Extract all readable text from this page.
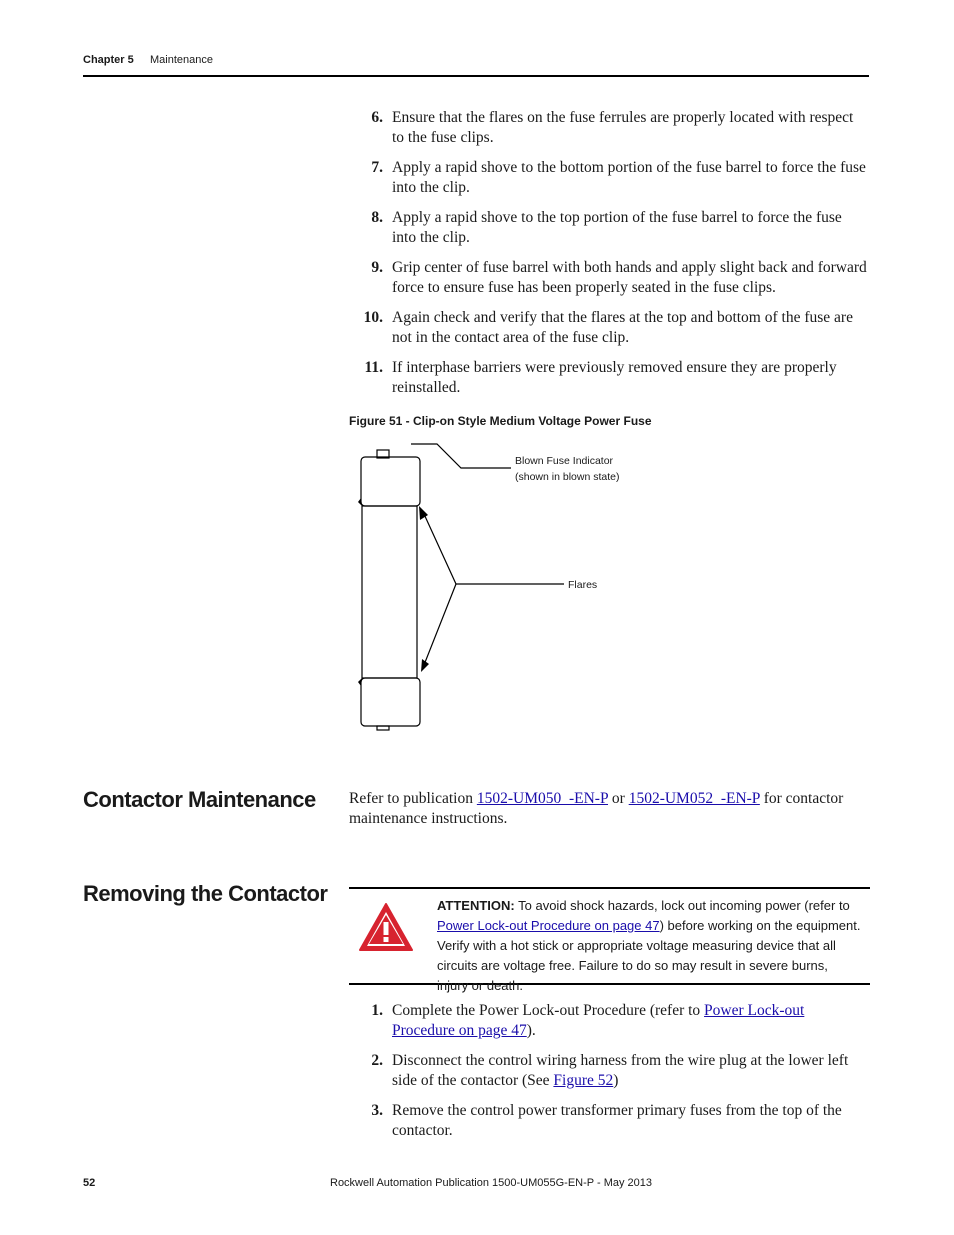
Chapter 5 Maintenance
6. Ensure that the flares on the fuse ferrules are properly located with respect to the fuse clips.
7. Apply a rapid shove to the bottom portion of the fuse barrel to force the fuse into the clip.
8. Apply a rapid shove to the top portion of the fuse barrel to force the fuse into the clip.
9. Grip center of fuse barrel with both hands and apply slight back and forward force to ensure fuse has been properly seated in the fuse clips.
10. Again check and verify that the flares at the top and bottom of the fuse are not in the contact area of the fuse clip.
11. If interphase barriers were previously removed ensure they are properly reinstalled.
Figure 51 - Clip-on Style Medium Voltage Power Fuse
Blown Fuse Indicator
(shown in blown state)
Flares
Contactor Maintenance Refer to publication 1502-UM050_-EN-P or 1502-UM052_-EN-P for contactor maintenance instructions.
Removing the Contactor	ATTENTION: To avoid shock hazards, lock out incoming power (refer to Power Lock-out Procedure on page 47) before working on the equipment. Verify with a hot stick or appropriate voltage measuring device that all circuits are voltage free. Failure to do so may result in severe burns, injury or death.
1. Complete the Power Lock-out Procedure (refer to Power Lock-out Procedure on page 47).
2. Disconnect the control wiring harness from the wire plug at the lower left side of the contactor (See Figure 52)
3. Remove the control power transformer primary fuses from the top of the contactor.
52	Rockwell Automation Publication 1500-UM055G-EN-P - May 2013
